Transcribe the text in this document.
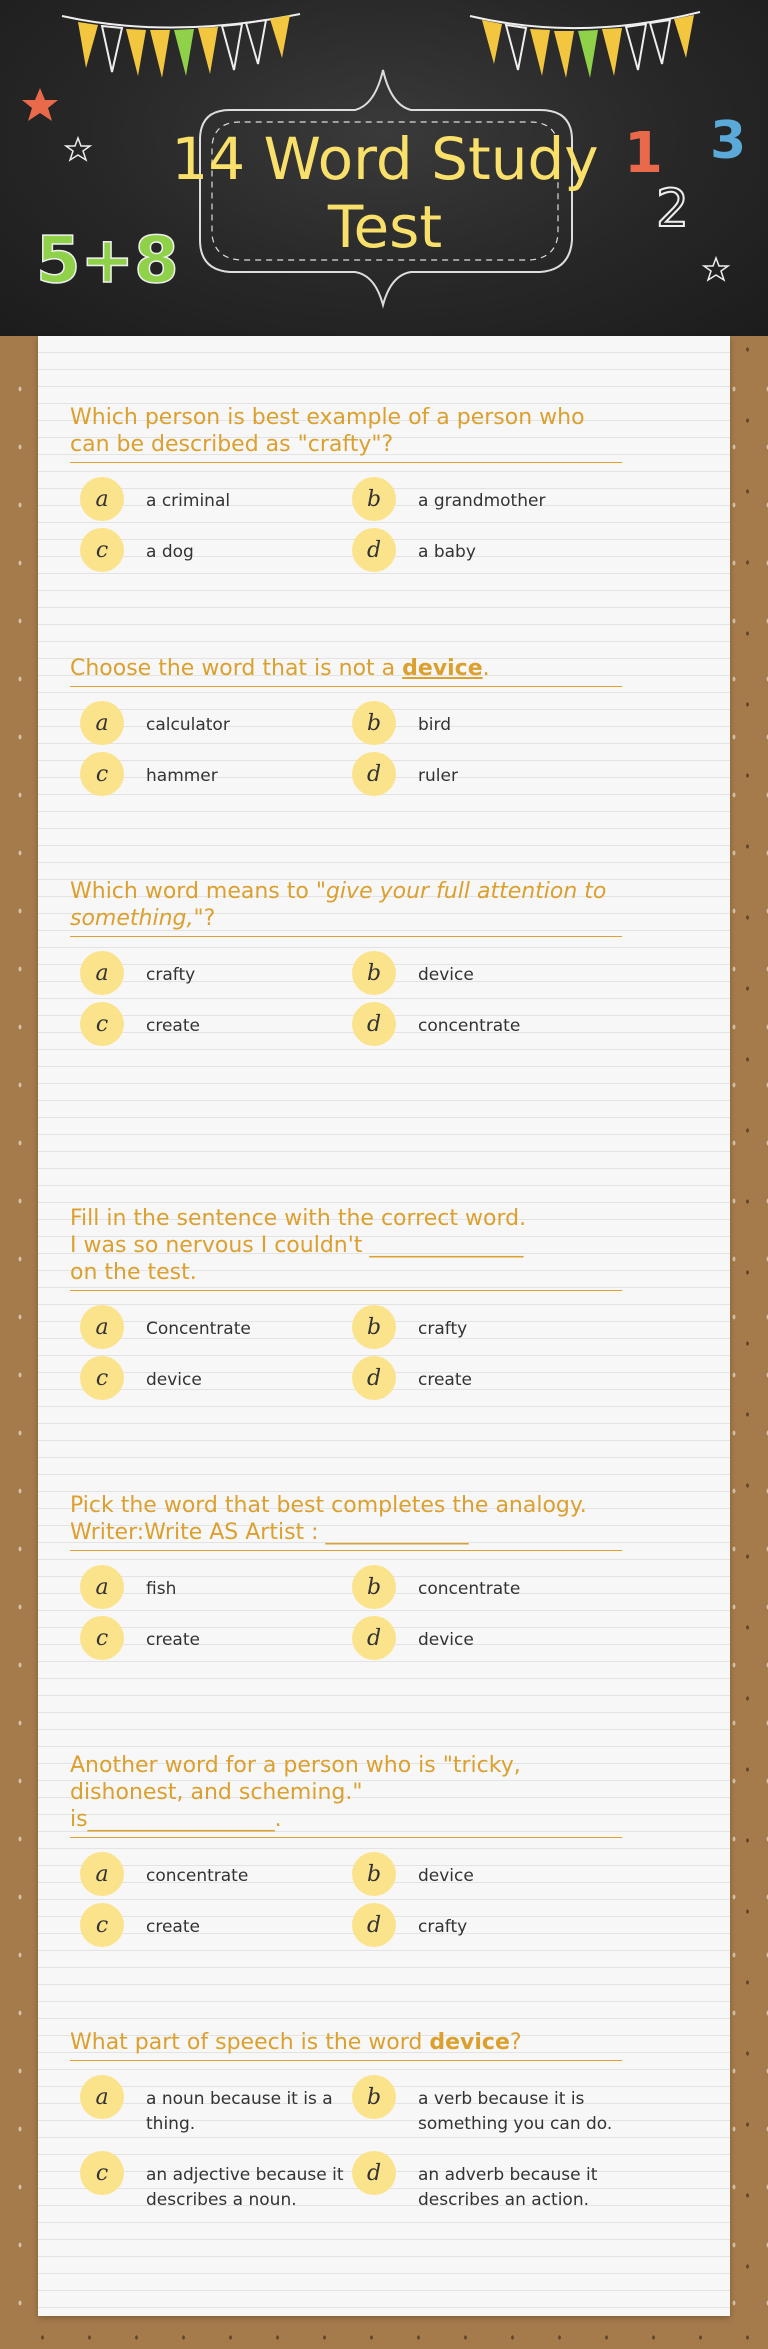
5+8
1
2
3
14 Word Study Test
Which person is best example of a person who
can be described as "crafty"?
a	a criminal	b	a grandmother
c	a dog	d	a baby
Choose the word that is not a device.
a	calculator	b	bird
c	hammer	d	ruler
Which word means to "give your full attention to
something,"?
a	crafty	b	device
c	create	d	concentrate
Fill in the sentence with the correct word.
I was so nervous I couldn't ______________
on the test.
a	Concentrate	b	crafty
c	device	d	create
Pick the word that best completes the analogy.
Writer:Write AS Artist : _____________
a	fish	b	concentrate
c	create	d	device
Another word for a person who is "tricky,
dishonest, and scheming."
is_________________.
a	concentrate	b	device
c	create	d	crafty
What part of speech is the word device?
a	a noun because it is a thing.
b	a verb because it is something you can do.
c	an adjective because it describes a noun.
d	an adverb because it describes an action.
